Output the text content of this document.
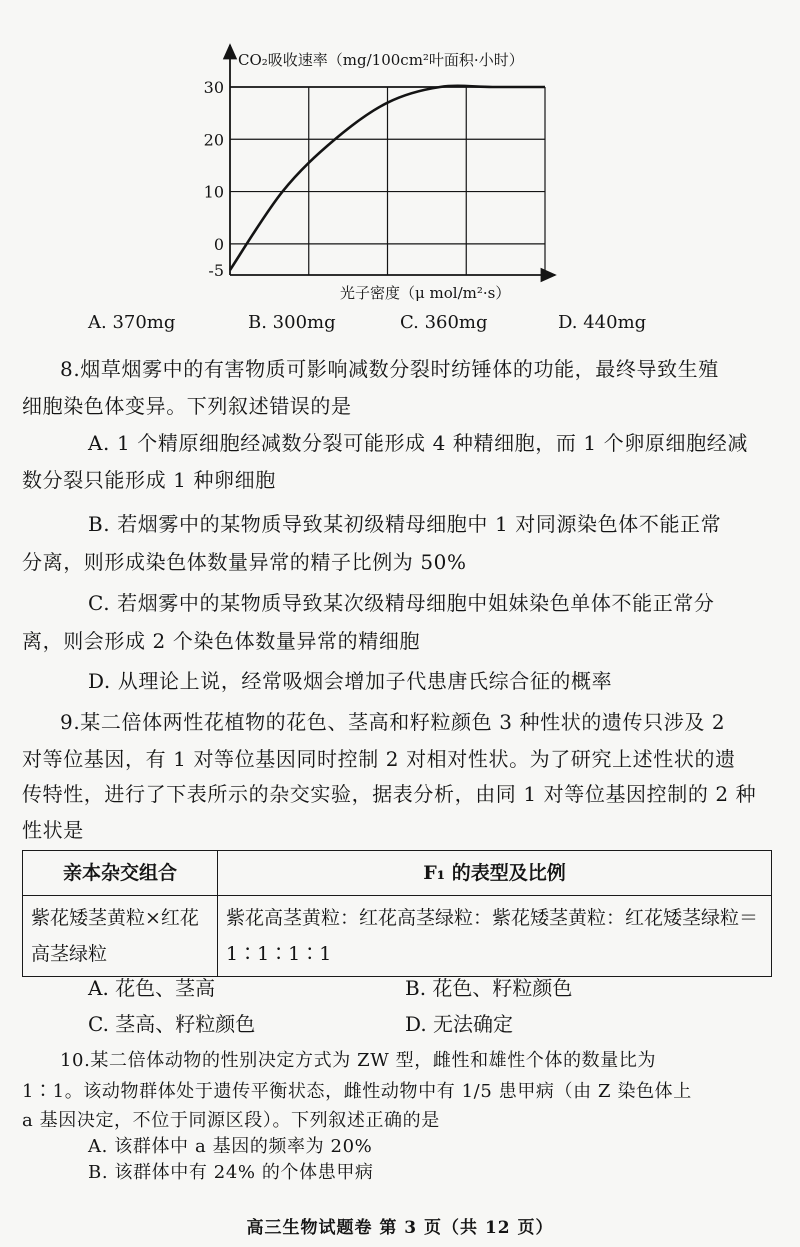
CO₂吸收速率（mg/100cm²叶面积·小时）
光子密度（μ mol/m²·s）
30
20
10
0
-5
A. 370mg	B. 300mg	C. 360mg	D. 440mg
8.烟草烟雾中的有害物质可影响减数分裂时纺锤体的功能，最终导致生殖
细胞染色体变异。下列叙述错误的是
A. 1 个精原细胞经减数分裂可能形成 4 种精细胞，而 1 个卵原细胞经减
数分裂只能形成 1 种卵细胞
B. 若烟雾中的某物质导致某初级精母细胞中 1 对同源染色体不能正常
分离，则形成染色体数量异常的精子比例为 50%
C. 若烟雾中的某物质导致某次级精母细胞中姐妹染色单体不能正常分
离，则会形成 2 个染色体数量异常的精细胞
D. 从理论上说，经常吸烟会增加子代患唐氏综合征的概率
9.某二倍体两性花植物的花色、茎高和籽粒颜色 3 种性状的遗传只涉及 2
对等位基因，有 1 对等位基因同时控制 2 对相对性状。为了研究上述性状的遗
传特性，进行了下表所示的杂交实验，据表分析，由同 1 对等位基因控制的 2 种
性状是
亲本杂交组合	F₁ 的表型及比例
紫花矮茎黄粒×红花高茎绿粒	紫花高茎黄粒：红花高茎绿粒：紫花矮茎黄粒：红花矮茎绿粒＝1∶1∶1∶1
A. 花色、茎高	B. 花色、籽粒颜色
C. 茎高、籽粒颜色	D. 无法确定
10.某二倍体动物的性别决定方式为 ZW 型，雌性和雄性个体的数量比为
1∶1。该动物群体处于遗传平衡状态，雌性动物中有 1/5 患甲病（由 Z 染色体上
a 基因决定，不位于同源区段）。下列叙述正确的是
高三生物试题卷 第 3 页（共 12 页）
A. 该群体中 a 基因的频率为 20%
B. 该群体中有 24% 的个体患甲病
